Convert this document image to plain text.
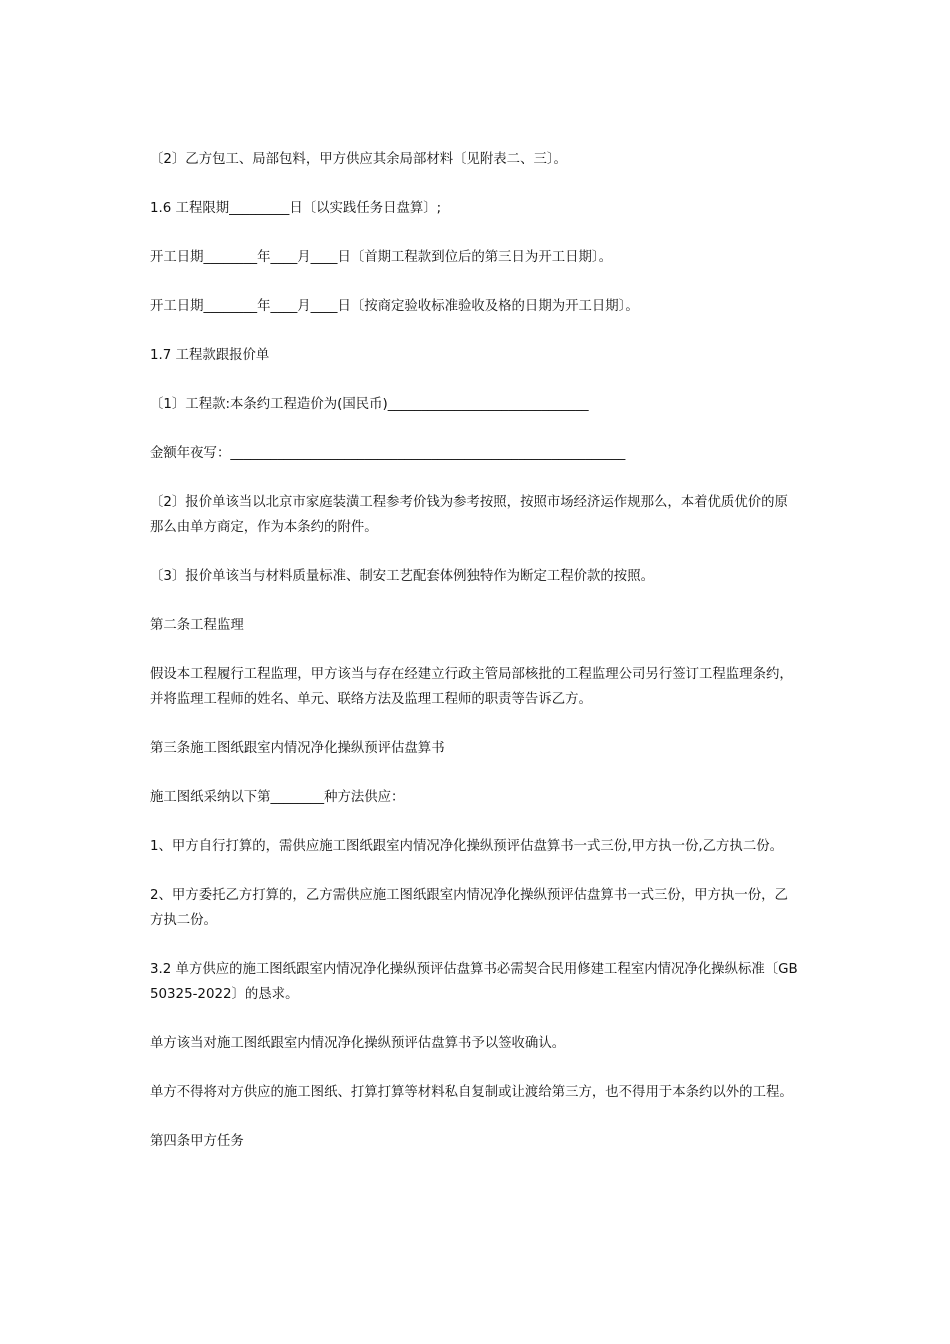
〔2〕乙方包工、局部包料，甲方供应其余局部材料〔见附表二、三〕。

1.6 工程限期_________日〔以实践任务日盘算〕;

开工日期________年____月____日〔首期工程款到位后的第三日为开工日期〕。

开工日期________年____月____日〔按商定验收标准验收及格的日期为开工日期〕。

1.7 工程款跟报价单

〔1〕工程款:本条约工程造价为(国民币)______________________________

金额年夜写：___________________________________________________________

〔2〕报价单该当以北京市家庭装潢工程参考价钱为参考按照，按照市场经济运作规那么，本着优质优价的原那么由单方商定，作为本条约的附件。

〔3〕报价单该当与材料质量标准、制安工艺配套体例独特作为断定工程价款的按照。

第二条工程监理

假设本工程履行工程监理，甲方该当与存在经建立行政主管局部核批的工程监理公司另行签订工程监理条约，并将监理工程师的姓名、单元、联络方法及监理工程师的职责等告诉乙方。

第三条施工图纸跟室内情况净化操纵预评估盘算书

施工图纸采纳以下第________种方法供应：

1、甲方自行打算的，需供应施工图纸跟室内情况净化操纵预评估盘算书一式三份,甲方执一份,乙方执二份。

2、甲方委托乙方打算的，乙方需供应施工图纸跟室内情况净化操纵预评估盘算书一式三份，甲方执一份，乙方执二份。

3.2 单方供应的施工图纸跟室内情况净化操纵预评估盘算书必需契合民用修建工程室内情况净化操纵标准〔GB50325-2022〕的恳求。

单方该当对施工图纸跟室内情况净化操纵预评估盘算书予以签收确认。

单方不得将对方供应的施工图纸、打算打算等材料私自复制或让渡给第三方，也不得用于本条约以外的工程。

第四条甲方任务
